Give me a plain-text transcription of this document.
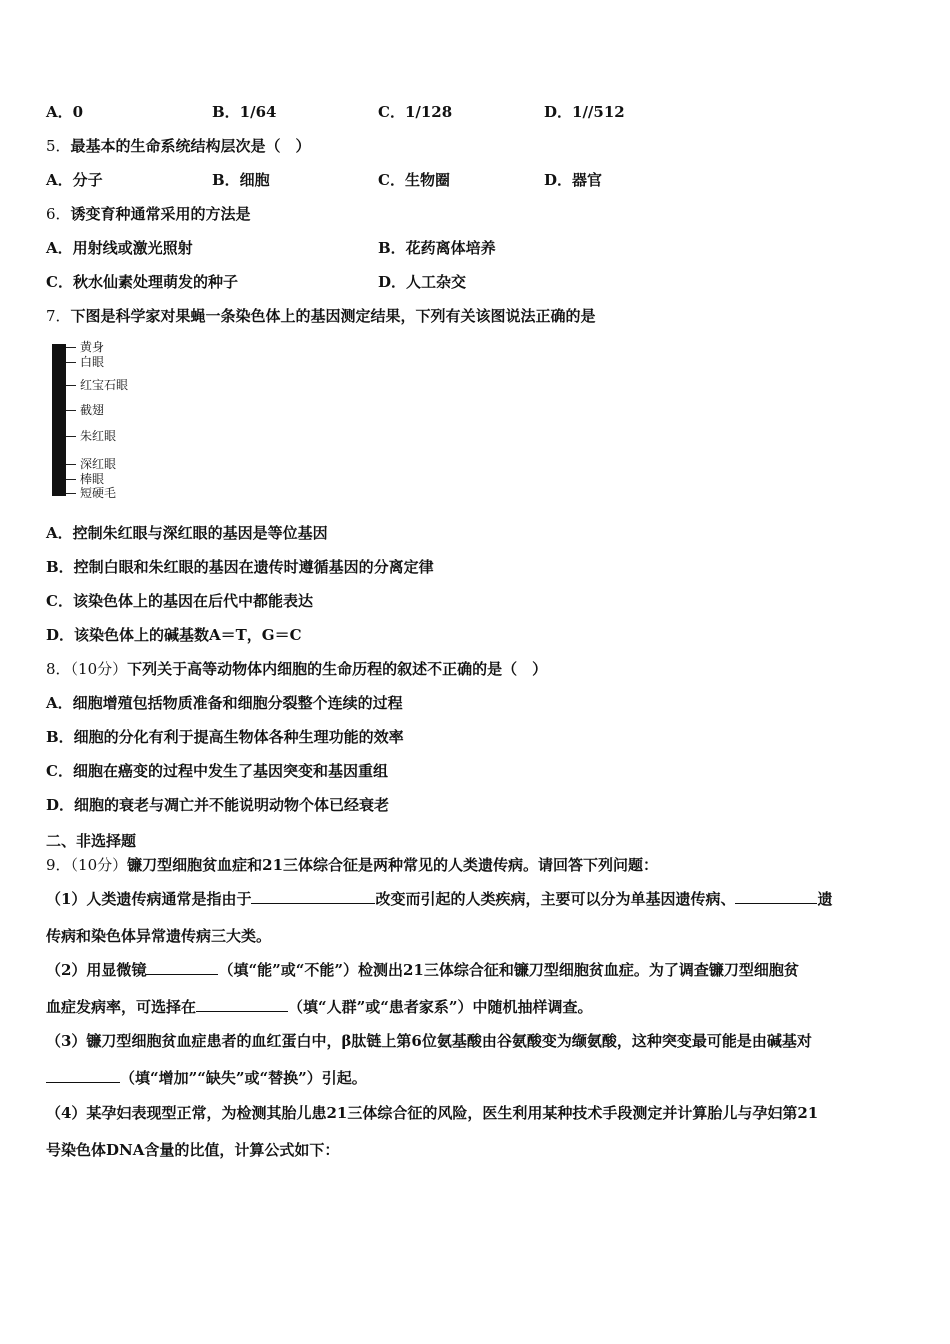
A．0	B．1/64	C．1/128	D．1//512
5．最基本的生命系统结构层次是（　）
A．分子	B．细胞	C．生物圈	D．器官
6．诱变育种通常采用的方法是
A．用射线或激光照射	B．花药离体培养
C．秋水仙素处理萌发的种子	D．人工杂交
7．下图是科学家对果蝇一条染色体上的基因测定结果，下列有关该图说法正确的是
黄身
白眼
红宝石眼
截翅
朱红眼
深红眼
棒眼
短硬毛
A．控制朱红眼与深红眼的基因是等位基因
B．控制白眼和朱红眼的基因在遗传时遵循基因的分离定律
C．该染色体上的基因在后代中都能表达
D．该染色体上的碱基数A＝T，G＝C
8．（10分）下列关于高等动物体内细胞的生命历程的叙述不正确的是（　）
A．细胞增殖包括物质准备和细胞分裂整个连续的过程
B．细胞的分化有利于提高生物体各种生理功能的效率
C．细胞在癌变的过程中发生了基因突变和基因重组
D．细胞的衰老与凋亡并不能说明动物个体已经衰老
二、非选择题
9．（10分）镰刀型细胞贫血症和21三体综合征是两种常见的人类遗传病。请回答下列问题：
（1）人类遗传病通常是指由于	改变而引起的人类疾病，主要可以分为单基因遗传病、	遗
传病和染色体异常遗传病三大类。
（2）用显微镜	（填“能”或“不能”）检测出21三体综合征和镰刀型细胞贫血症。为了调查镰刀型细胞贫
血症发病率，可选择在	（填“人群”或“患者家系”）中随机抽样调查。
（3）镰刀型细胞贫血症患者的血红蛋白中，β肽链上第6位氨基酸由谷氨酸变为缬氨酸，这种突变最可能是由碱基对
（填“增加”“缺失”或“替换”）引起。
（4）某孕妇表现型正常，为检测其胎儿患21三体综合征的风险，医生利用某种技术手段测定并计算胎儿与孕妇第21
号染色体DNA含量的比值，计算公式如下：
